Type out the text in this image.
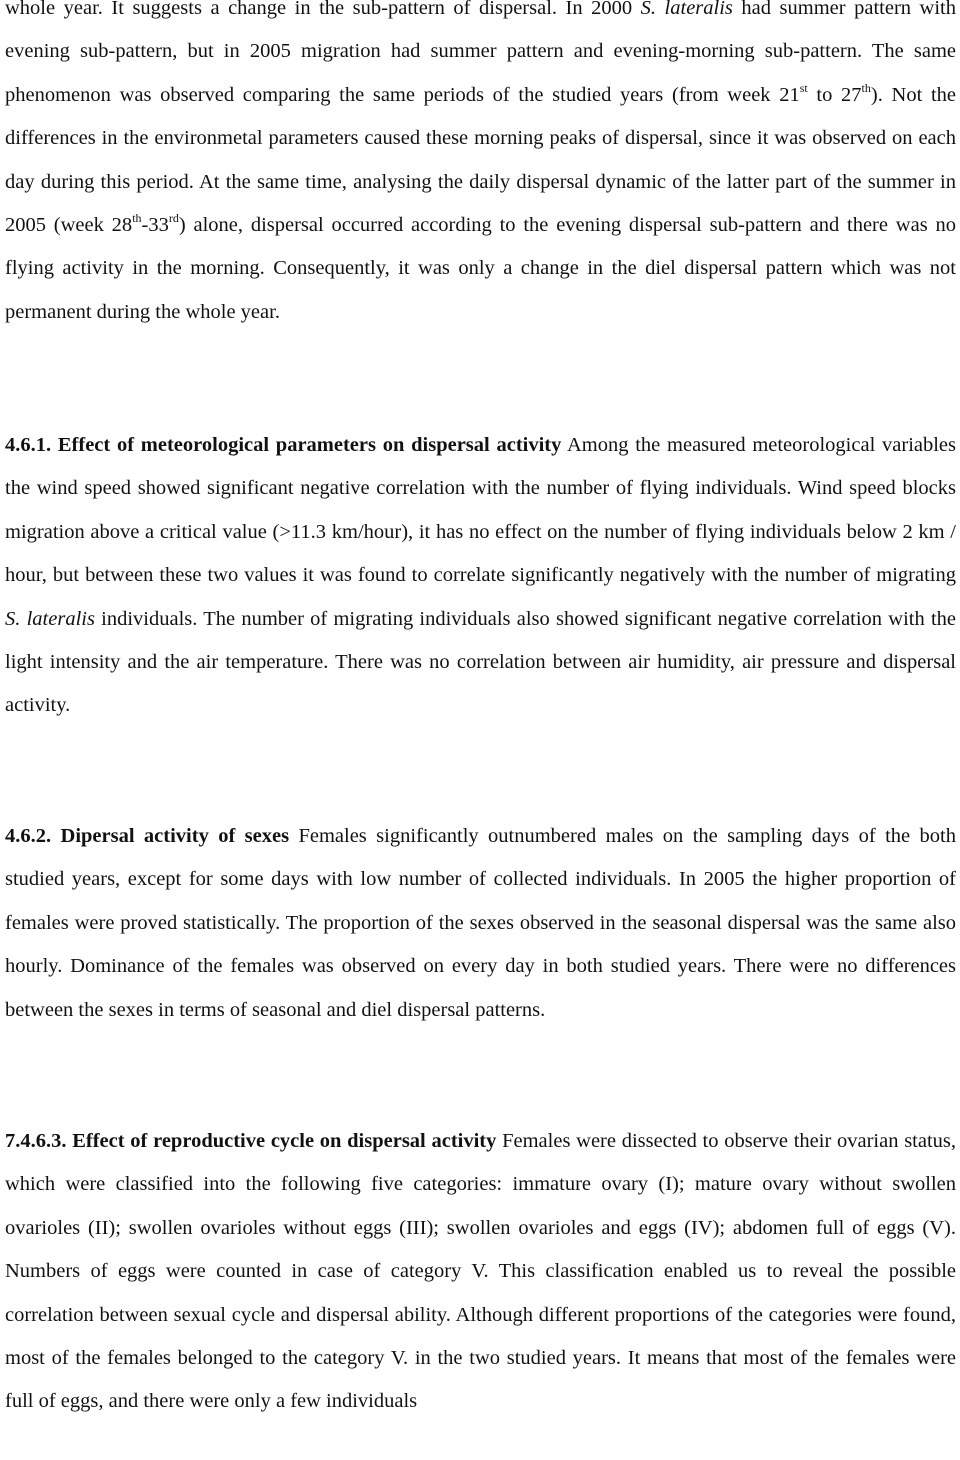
whole year. It suggests a change in the sub-pattern of dispersal. In 2000 S. lateralis had summer pattern with evening sub-pattern, but in 2005 migration had summer pattern and evening-morning sub-pattern. The same phenomenon was observed comparing the same periods of the studied years (from week 21st to 27th). Not the differences in the environmetal parameters caused these morning peaks of dispersal, since it was observed on each day during this period. At the same time, analysing the daily dispersal dynamic of the latter part of the summer in 2005 (week 28th-33rd) alone, dispersal occurred according to the evening dispersal sub-pattern and there was no flying activity in the morning. Consequently, it was only a change in the diel dispersal pattern which was not permanent during the whole year.
4.6.1. Effect of meteorological parameters on dispersal activity Among the measured meteorological variables the wind speed showed significant negative correlation with the number of flying individuals. Wind speed blocks migration above a critical value (>11.3 km/hour), it has no effect on the number of flying individuals below 2 km / hour, but between these two values it was found to correlate significantly negatively with the number of migrating S. lateralis individuals. The number of migrating individuals also showed significant negative correlation with the light intensity and the air temperature. There was no correlation between air humidity, air pressure and dispersal activity.
4.6.2. Dipersal activity of sexes Females significantly outnumbered males on the sampling days of the both studied years, except for some days with low number of collected individuals. In 2005 the higher proportion of females were proved statistically. The proportion of the sexes observed in the seasonal dispersal was the same also hourly. Dominance of the females was observed on every day in both studied years. There were no differences between the sexes in terms of seasonal and diel dispersal patterns.
7.4.6.3. Effect of reproductive cycle on dispersal activity Females were dissected to observe their ovarian status, which were classified into the following five categories: immature ovary (I); mature ovary without swollen ovarioles (II); swollen ovarioles without eggs (III); swollen ovarioles and eggs (IV); abdomen full of eggs (V). Numbers of eggs were counted in case of category V. This classification enabled us to reveal the possible correlation between sexual cycle and dispersal ability. Although different proportions of the categories were found, most of the females belonged to the category V. in the two studied years. It means that most of the females were full of eggs, and there were only a few individuals
